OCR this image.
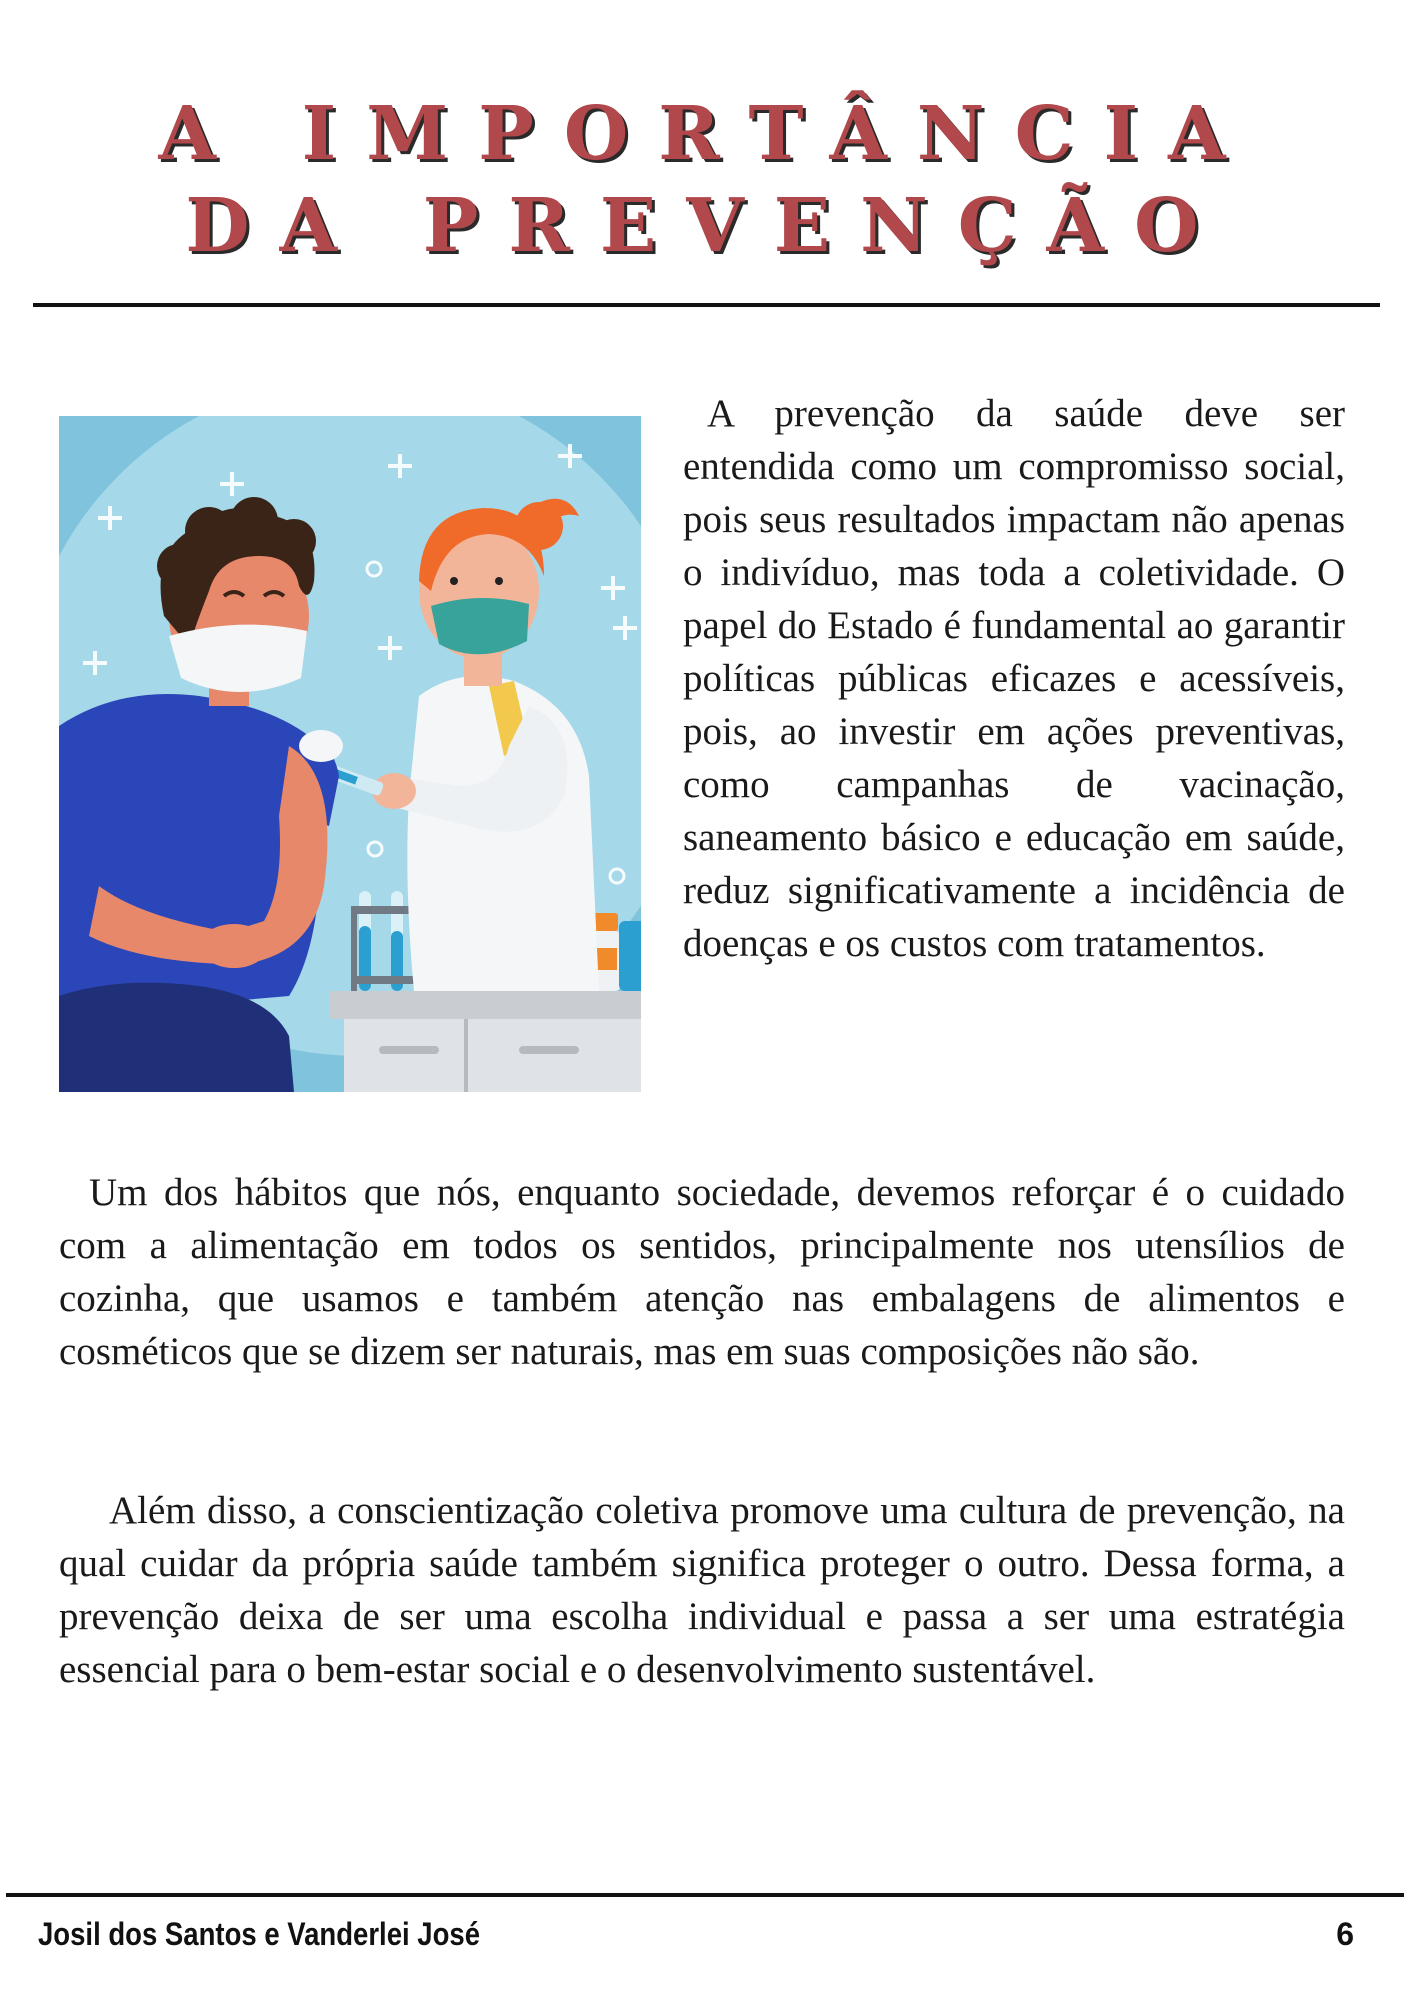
A IMPORTÂNCIA
DA PREVENÇÃO

A prevenção da saúde deve ser entendida como um compromisso social, pois seus resultados impactam não apenas o indivíduo, mas toda a coletividade. O papel do Estado é fundamental ao garantir políticas públicas eficazes e acessíveis, pois, ao investir em ações preventivas, como campanhas de vacinação, saneamento básico e educação em saúde, reduz significativamente a incidência de doenças e os custos com tratamentos.

Um dos hábitos que nós, enquanto sociedade, devemos reforçar é o cuidado com a alimentação em todos os sentidos, principalmente nos utensílios de cozinha, que usamos e também atenção nas embalagens de alimentos e cosméticos que se dizem ser naturais, mas em suas composições não são.

Além disso, a conscientização coletiva promove uma cultura de prevenção, na qual cuidar da própria saúde também significa proteger o outro. Dessa forma, a prevenção deixa de ser uma escolha individual e passa a ser uma estratégia essencial para o bem-estar social e o desenvolvimento sustentável.

Josil dos Santos e Vanderlei José	6
